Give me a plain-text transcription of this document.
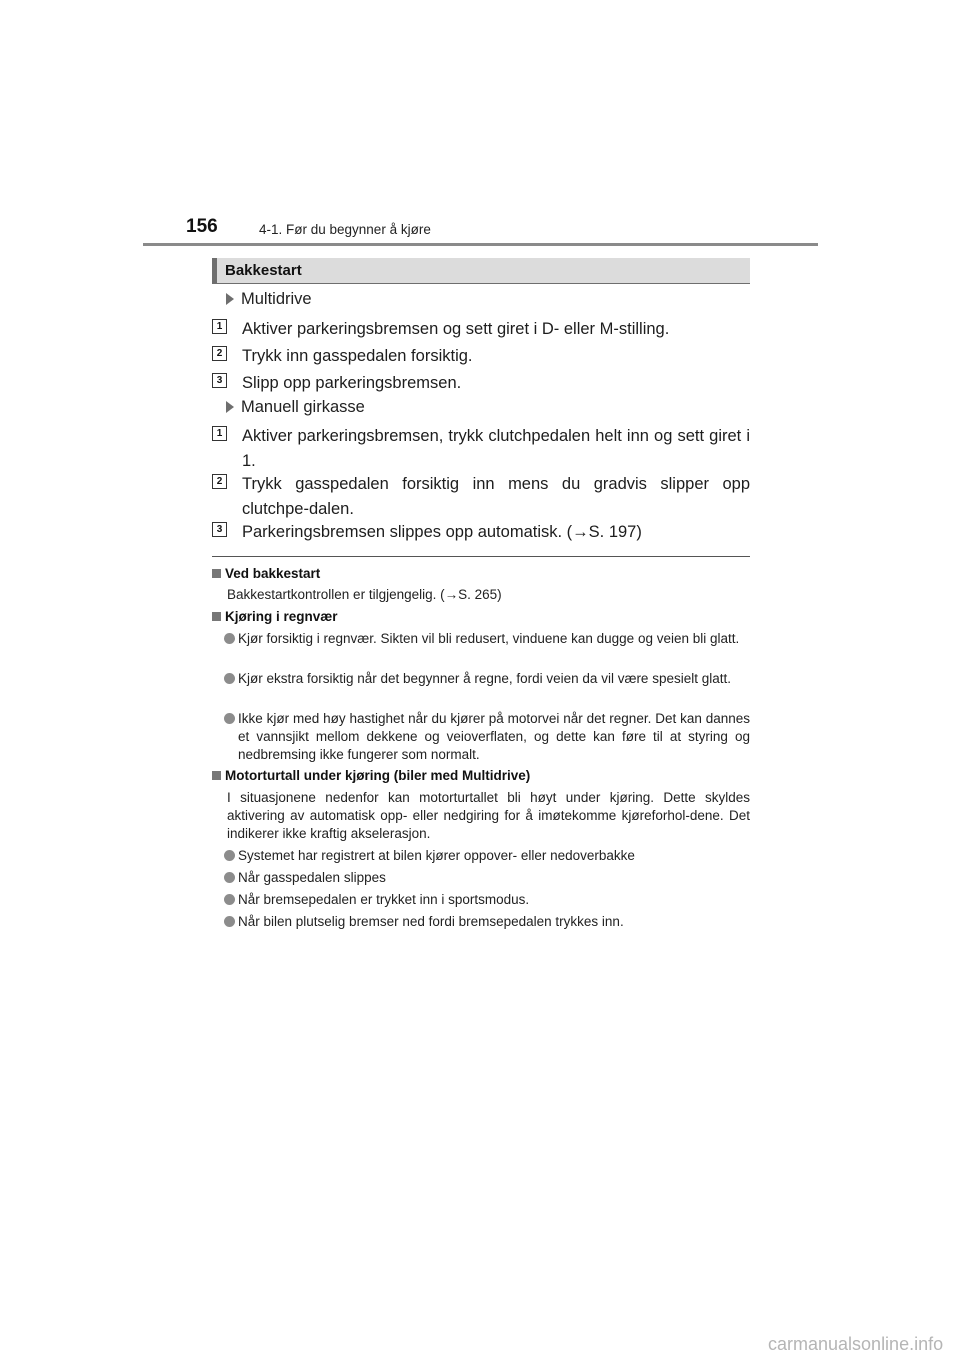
156	4-1. Før du begynner å kjøre
Bakkestart
Multidrive
1 Aktiver parkeringsbremsen og sett giret i D- eller M-stilling.
2 Trykk inn gasspedalen forsiktig.
3 Slipp opp parkeringsbremsen.
Manuell girkasse
1 Aktiver parkeringsbremsen, trykk clutchpedalen helt inn og sett giret i 1.
2 Trykk gasspedalen forsiktig inn mens du gradvis slipper opp clutchpe-dalen.
3 Parkeringsbremsen slippes opp automatisk. (→S. 197)
Ved bakkestart
Bakkestartkontrollen er tilgjengelig. (→S. 265)
Kjøring i regnvær
Kjør forsiktig i regnvær. Sikten vil bli redusert, vinduene kan dugge og veien bli glatt.
Kjør ekstra forsiktig når det begynner å regne, fordi veien da vil være spesielt glatt.
Ikke kjør med høy hastighet når du kjører på motorvei når det regner. Det kan dannes et vannsjikt mellom dekkene og veioverflaten, og dette kan føre til at styring og nedbremsing ikke fungerer som normalt.
Motorturtall under kjøring (biler med Multidrive)
I situasjonene nedenfor kan motorturtallet bli høyt under kjøring. Dette skyldes aktivering av automatisk opp- eller nedgiring for å imøtekomme kjøreforhol-dene. Det indikerer ikke kraftig akselerasjon.
Systemet har registrert at bilen kjører oppover- eller nedoverbakke
Når gasspedalen slippes
Når bremsepedalen er trykket inn i sportsmodus.
Når bilen plutselig bremser ned fordi bremsepedalen trykkes inn.
carmanualsonline.info
